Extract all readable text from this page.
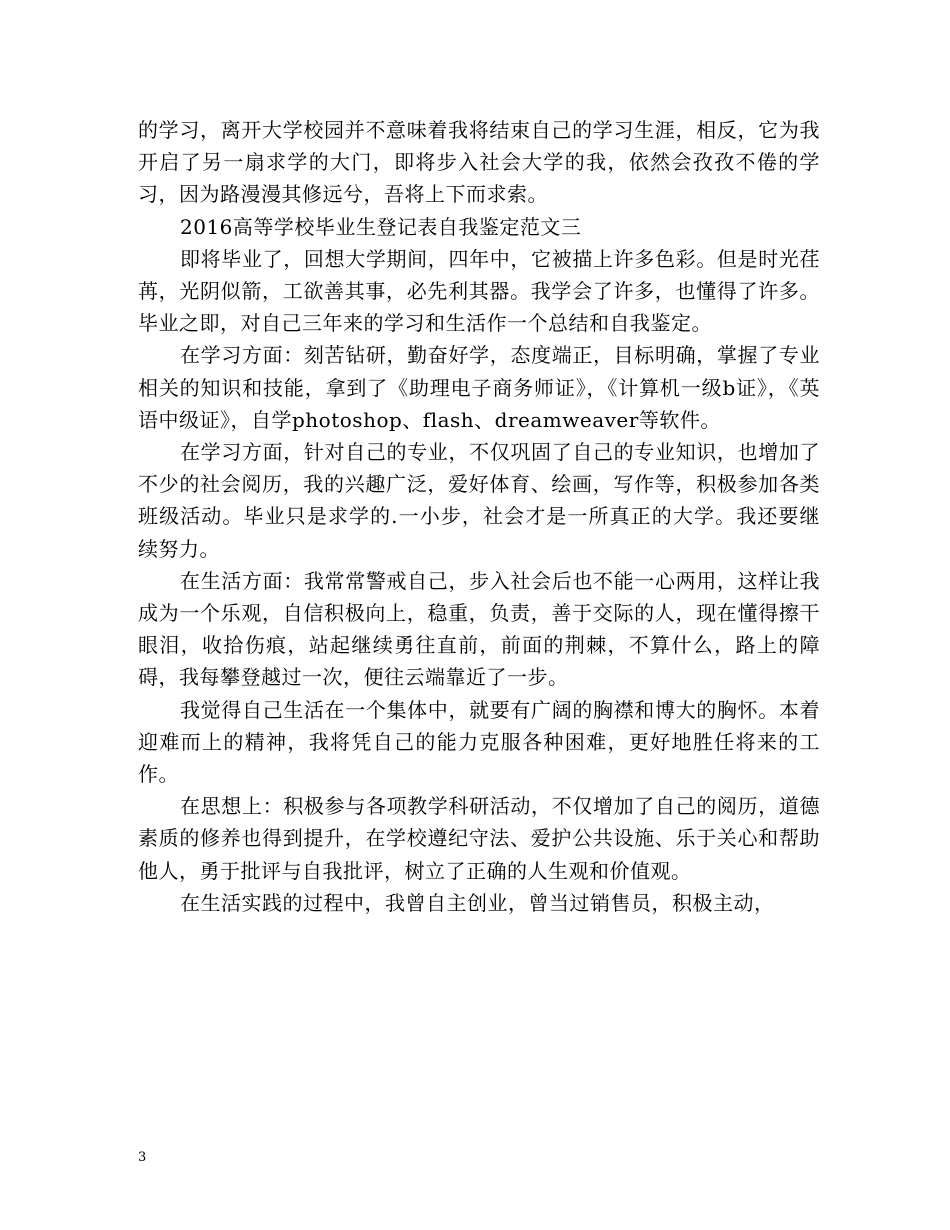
的学习，离开大学校园并不意味着我将结束自己的学习生涯，相反，它为我开启了另一扇求学的大门，即将步入社会大学的我，依然会孜孜不倦的学习，因为路漫漫其修远兮，吾将上下而求索。

2016高等学校毕业生登记表自我鉴定范文三

即将毕业了，回想大学期间，四年中，它被描上许多色彩。但是时光荏苒，光阴似箭，工欲善其事，必先利其器。我学会了许多，也懂得了许多。毕业之即，对自己三年来的学习和生活作一个总结和自我鉴定。

在学习方面：刻苦钻研，勤奋好学，态度端正，目标明确，掌握了专业相关的知识和技能，拿到了《助理电子商务师证》，《计算机一级b证》，《英语中级证》，自学photoshop、flash、dreamweaver等软件。

在学习方面，针对自己的专业，不仅巩固了自己的专业知识，也增加了不少的社会阅历，我的兴趣广泛，爱好体育、绘画，写作等，积极参加各类班级活动。毕业只是求学的.一小步，社会才是一所真正的大学。我还要继续努力。

在生活方面：我常常警戒自己，步入社会后也不能一心两用，这样让我成为一个乐观，自信积极向上，稳重，负责，善于交际的人，现在懂得擦干眼泪，收拾伤痕，站起继续勇往直前，前面的荆棘，不算什么，路上的障碍，我每攀登越过一次，便往云端靠近了一步。

我觉得自己生活在一个集体中，就要有广阔的胸襟和博大的胸怀。本着迎难而上的精神，我将凭自己的能力克服各种困难，更好地胜任将来的工作。

在思想上：积极参与各项教学科研活动，不仅增加了自己的阅历，道德素质的修养也得到提升，在学校遵纪守法、爱护公共设施、乐于关心和帮助他人，勇于批评与自我批评，树立了正确的人生观和价值观。

在生活实践的过程中，我曾自主创业，曾当过销售员，积极主动，

3
